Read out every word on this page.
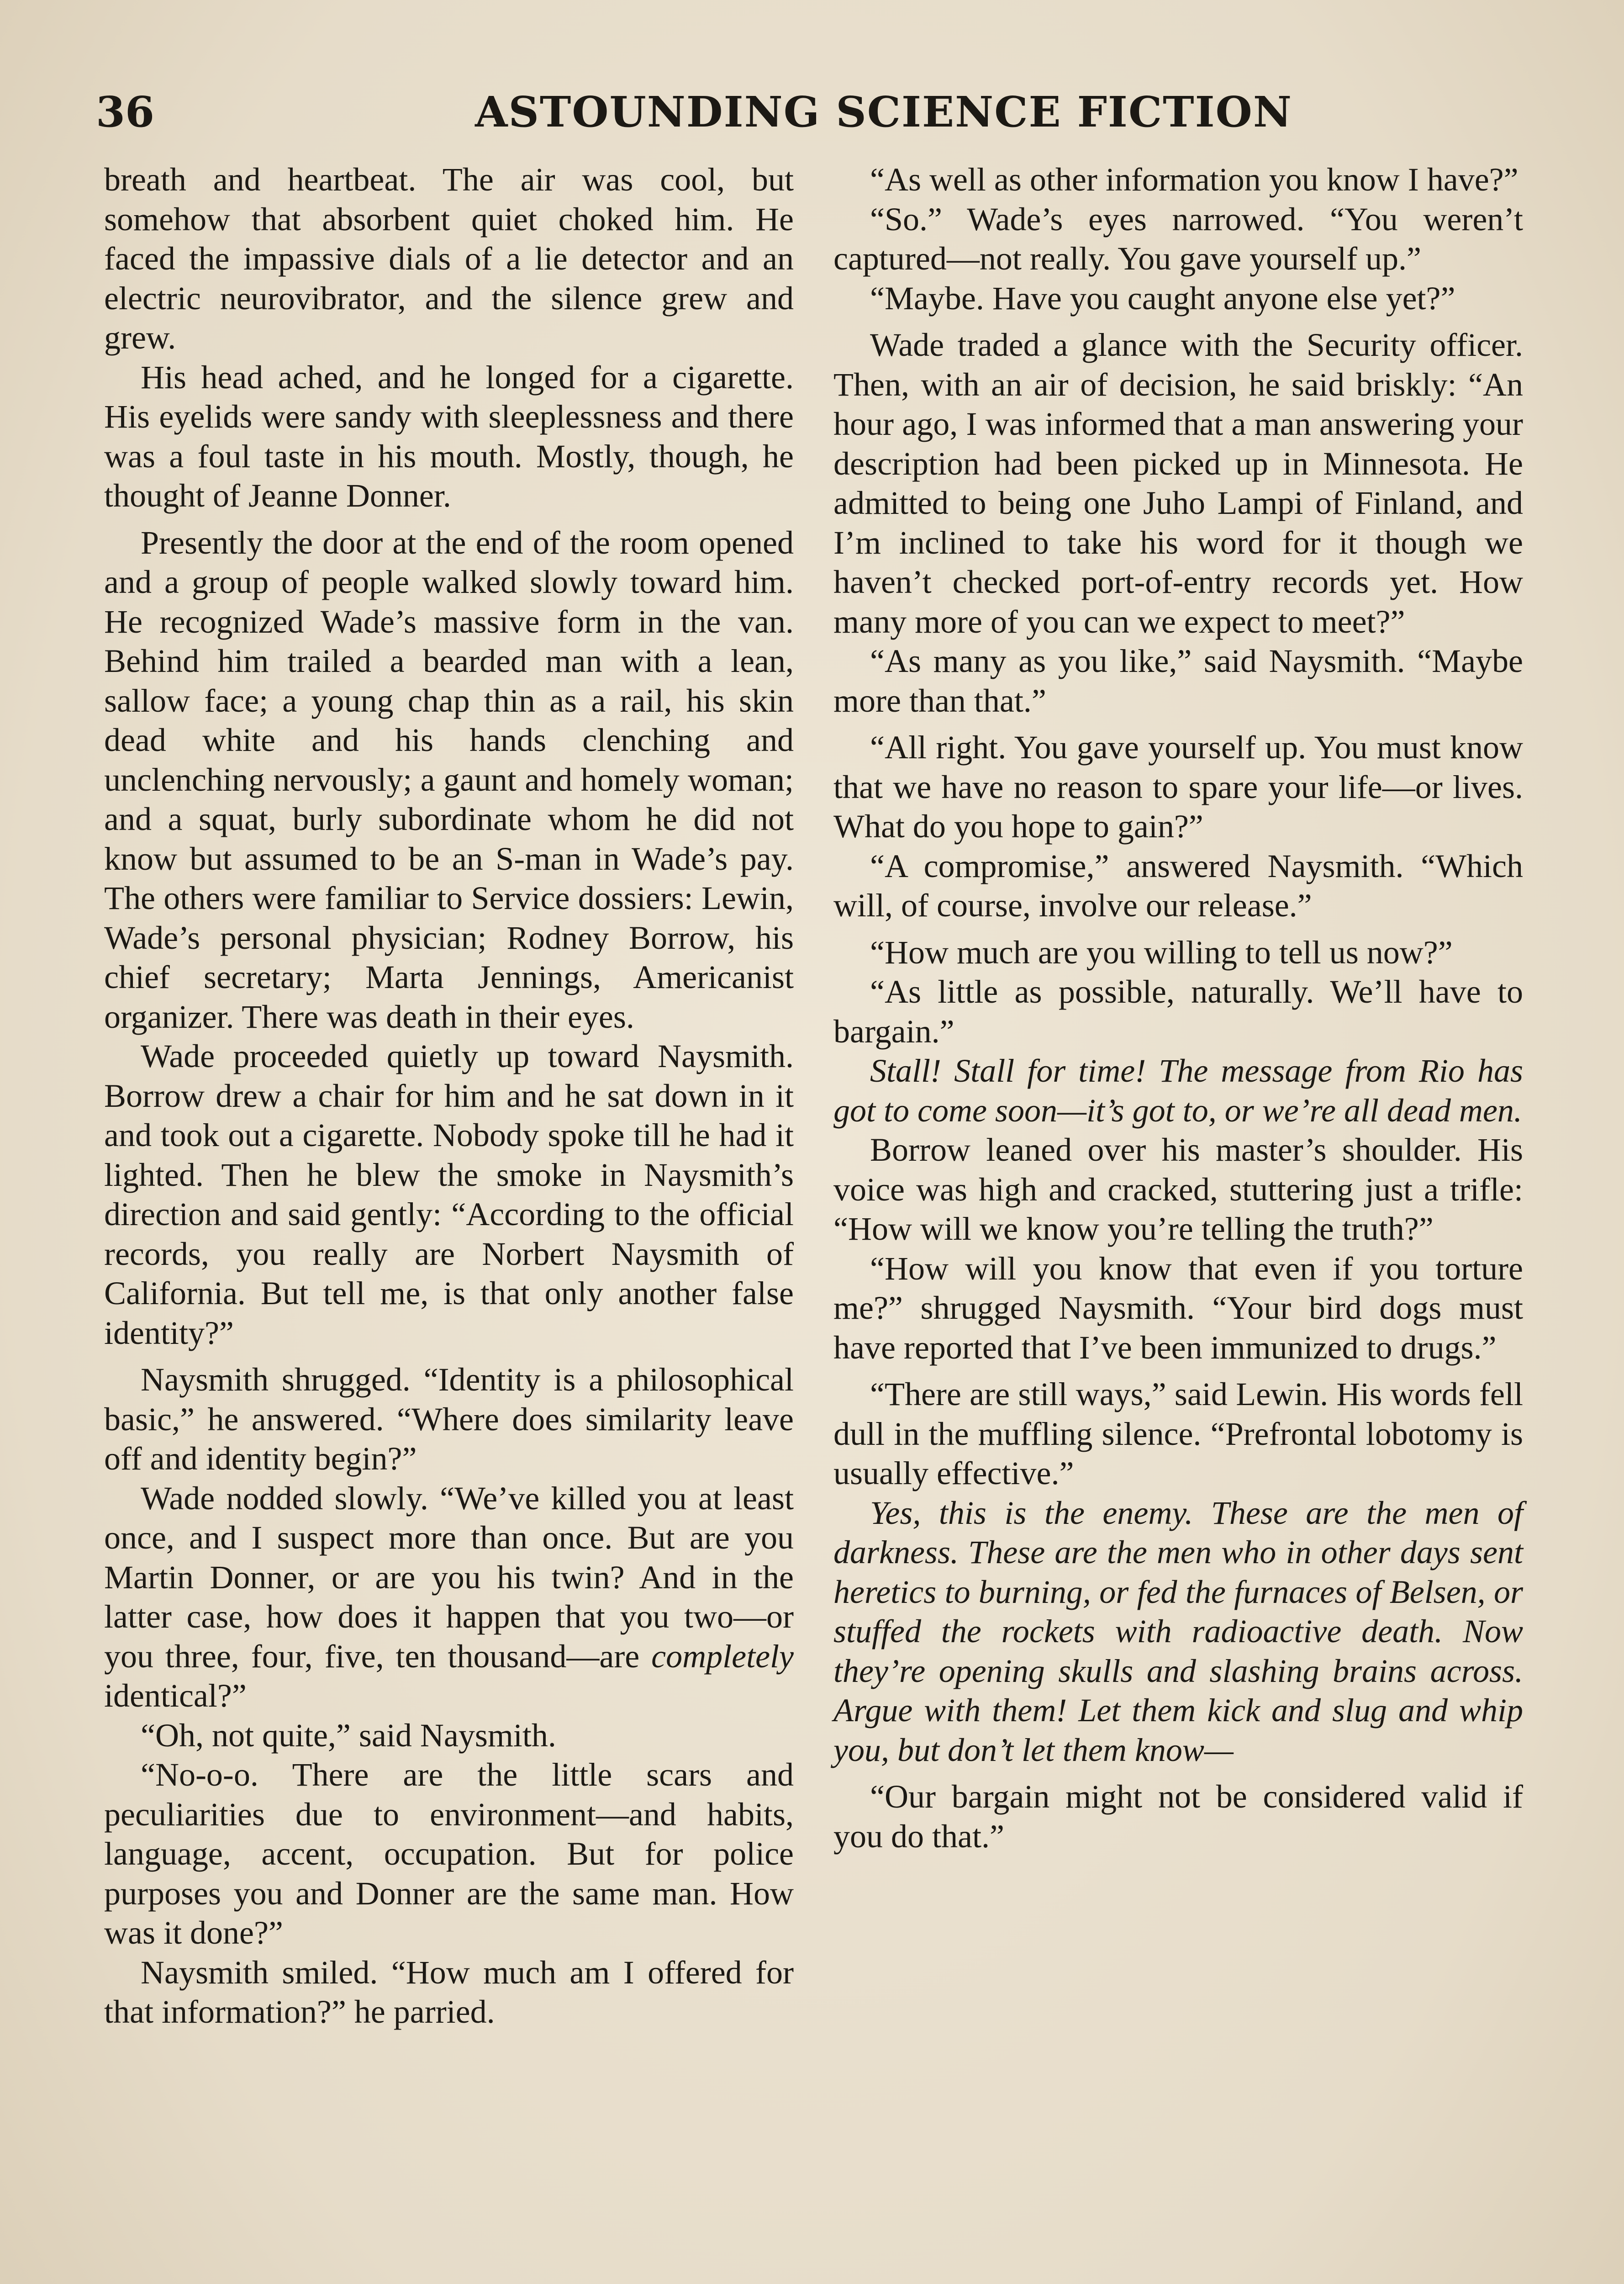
36	ASTOUNDING SCIENCE FICTION

breath and heartbeat. The air was cool, but somehow that absorbent quiet choked him. He faced the impassive dials of a lie detector and an electric neurovibrator, and the silence grew and grew.

His head ached, and he longed for a cigarette. His eyelids were sandy with sleeplessness and there was a foul taste in his mouth. Mostly, though, he thought of Jeanne Donner.

Presently the door at the end of the room opened and a group of people walked slowly toward him. He recognized Wade’s massive form in the van. Behind him trailed a bearded man with a lean, sallow face; a young chap thin as a rail, his skin dead white and his hands clenching and unclenching nervously; a gaunt and homely woman; and a squat, burly subordinate whom he did not know but assumed to be an S-man in Wade’s pay. The others were familiar to Service dossiers: Lewin, Wade’s personal physician; Rodney Borrow, his chief secretary; Marta Jennings, Americanist organizer. There was death in their eyes.

Wade proceeded quietly up toward Naysmith. Borrow drew a chair for him and he sat down in it and took out a cigarette. Nobody spoke till he had it lighted. Then he blew the smoke in Naysmith’s direction and said gently: “According to the official records, you really are Norbert Naysmith of California. But tell me, is that only another false identity?”

Naysmith shrugged. “Identity is a philosophical basic,” he answered. “Where does similarity leave off and identity begin?”

Wade nodded slowly. “We’ve killed you at least once, and I suspect more than once. But are you Martin Donner, or are you his twin? And in the latter case, how does it happen that you two—or you three, four, five, ten thousand—are completely identical?”

“Oh, not quite,” said Naysmith.

“No-o-o. There are the little scars and peculiarities due to environment—and habits, language, accent, occupation. But for police purposes you and Donner are the same man. How was it done?”

Naysmith smiled. “How much am I offered for that information?” he parried.

“As well as other information you know I have?”

“So.” Wade’s eyes narrowed. “You weren’t captured—not really. You gave yourself up.”

“Maybe. Have you caught anyone else yet?”

Wade traded a glance with the Security officer. Then, with an air of decision, he said briskly: “An hour ago, I was informed that a man answering your description had been picked up in Minnesota. He admitted to being one Juho Lampi of Finland, and I’m inclined to take his word for it though we haven’t checked port-of-entry records yet. How many more of you can we expect to meet?”

“As many as you like,” said Naysmith. “Maybe more than that.”

“All right. You gave yourself up. You must know that we have no reason to spare your life—or lives. What do you hope to gain?”

“A compromise,” answered Naysmith. “Which will, of course, involve our release.”

“How much are you willing to tell us now?”

“As little as possible, naturally. We’ll have to bargain.”

Stall! Stall for time! The message from Rio has got to come soon—it’s got to, or we’re all dead men.

Borrow leaned over his master’s shoulder. His voice was high and cracked, stuttering just a trifle: “How will we know you’re telling the truth?”

“How will you know that even if you torture me?” shrugged Naysmith. “Your bird dogs must have reported that I’ve been immunized to drugs.”

“There are still ways,” said Lewin. His words fell dull in the muffling silence. “Prefrontal lobotomy is usually effective.”

Yes, this is the enemy. These are the men of darkness. These are the men who in other days sent heretics to burning, or fed the furnaces of Belsen, or stuffed the rockets with radioactive death. Now they’re opening skulls and slashing brains across. Argue with them! Let them kick and slug and whip you, but don’t let them know—

“Our bargain might not be considered valid if you do that.”
